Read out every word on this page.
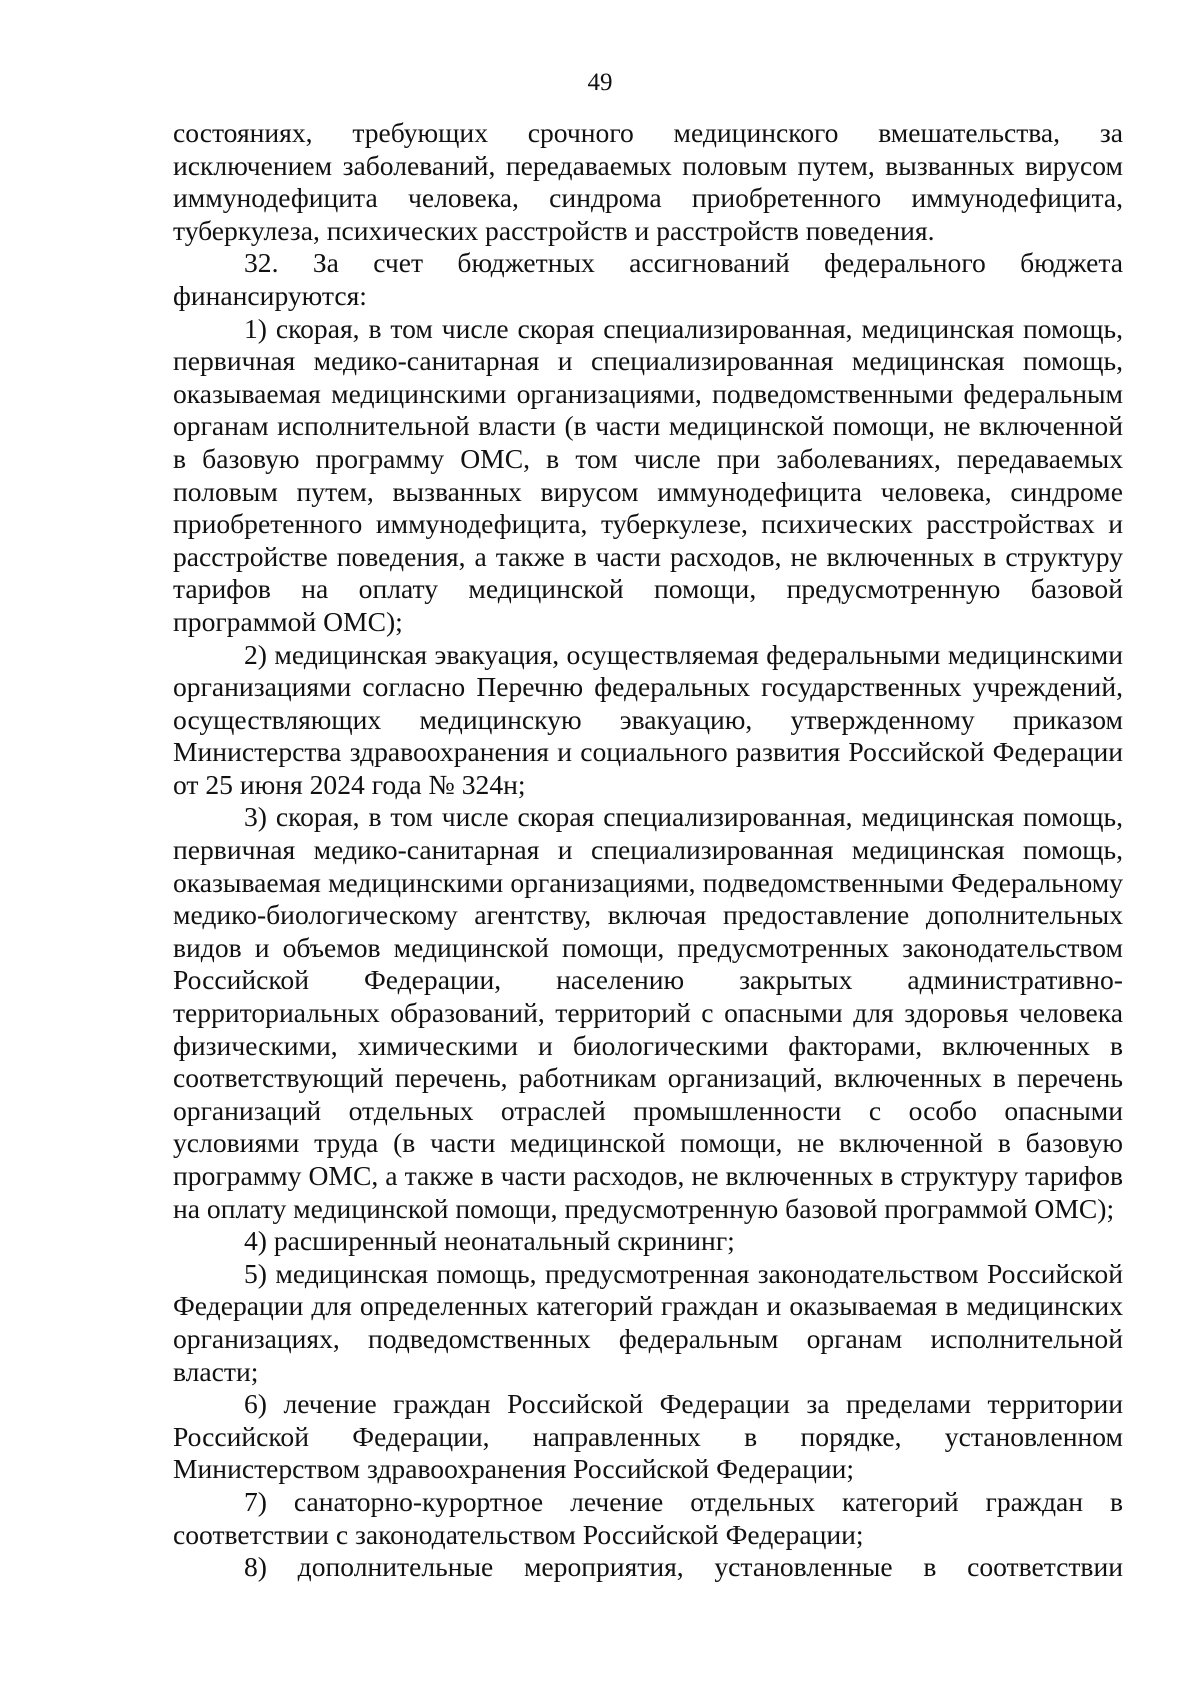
49

состояниях, требующих срочного медицинского вмешательства, за исключением заболеваний, передаваемых половым путем, вызванных вирусом иммунодефицита человека, синдрома приобретенного иммунодефицита, туберкулеза, психических расстройств и расстройств поведения.

32. За счет бюджетных ассигнований федерального бюджета финансируются:

1) скорая, в том числе скорая специализированная, медицинская помощь, первичная медико-санитарная и специализированная медицинская помощь, оказываемая медицинскими организациями, подведомственными федеральным органам исполнительной власти (в части медицинской помощи, не включенной в базовую программу ОМС, в том числе при заболеваниях, передаваемых половым путем, вызванных вирусом иммунодефицита человека, синдроме приобретенного иммунодефицита, туберкулезе, психических расстройствах и расстройстве поведения, а также в части расходов, не включенных в структуру тарифов на оплату медицинской помощи, предусмотренную базовой программой ОМС);

2) медицинская эвакуация, осуществляемая федеральными медицинскими организациями согласно Перечню федеральных государственных учреждений, осуществляющих медицинскую эвакуацию, утвержденному приказом Министерства здравоохранения и социального развития Российской Федерации от 25 июня 2024 года № 324н;

3) скорая, в том числе скорая специализированная, медицинская помощь, первичная медико-санитарная и специализированная медицинская помощь, оказываемая медицинскими организациями, подведомственными Федеральному медико-биологическому агентству, включая предоставление дополнительных видов и объемов медицинской помощи, предусмотренных законодательством Российской Федерации, населению закрытых административно-территориальных образований, территорий с опасными для здоровья человека физическими, химическими и биологическими факторами, включенных в соответствующий перечень, работникам организаций, включенных в перечень организаций отдельных отраслей промышленности с особо опасными условиями труда (в части медицинской помощи, не включенной в базовую программу ОМС, а также в части расходов, не включенных в структуру тарифов на оплату медицинской помощи, предусмотренную базовой программой ОМС);

4) расширенный неонатальный скрининг;

5) медицинская помощь, предусмотренная законодательством Российской Федерации для определенных категорий граждан и оказываемая в медицинских организациях, подведомственных федеральным органам исполнительной власти;

6) лечение граждан Российской Федерации за пределами территории Российской Федерации, направленных в порядке, установленном Министерством здравоохранения Российской Федерации;

7) санаторно-курортное лечение отдельных категорий граждан в соответствии с законодательством Российской Федерации;

8) дополнительные мероприятия, установленные в соответствии
